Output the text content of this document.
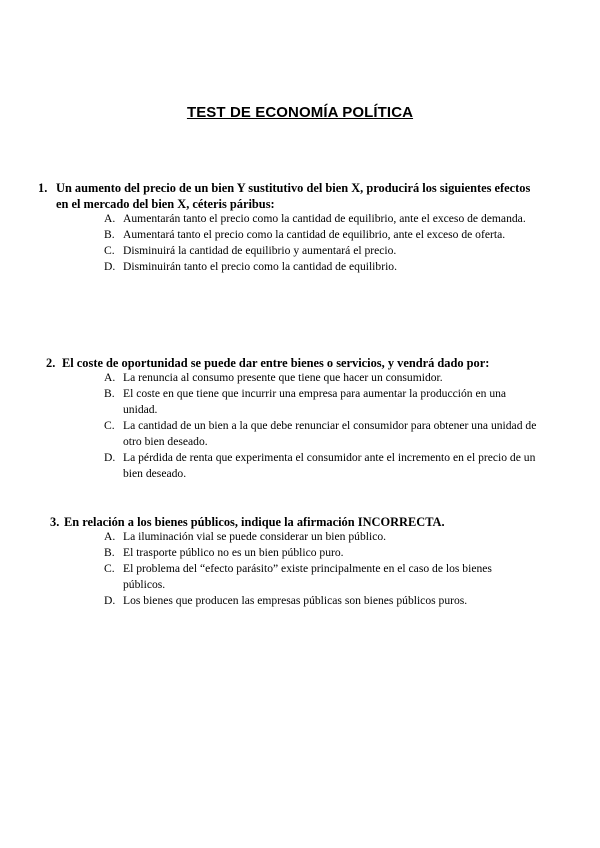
TEST DE ECONOMÍA POLÍTICA
1. Un aumento del precio de un bien Y sustitutivo del bien X, producirá los siguientes efectos en el mercado del bien X, céteris páribus:
A. Aumentarán tanto el precio como la cantidad de equilibrio, ante el exceso de demanda.
B. Aumentará tanto el precio como la cantidad de equilibrio, ante el exceso de oferta.
C. Disminuirá la cantidad de equilibrio y aumentará el precio.
D. Disminuirán tanto el precio como la cantidad de equilibrio.
2. El coste de oportunidad se puede dar entre bienes o servicios, y vendrá dado por:
A. La renuncia al consumo presente que tiene que hacer un consumidor.
B. El coste en que tiene que incurrir una empresa para aumentar la producción en una unidad.
C. La cantidad de un bien a la que debe renunciar el consumidor para obtener una unidad de otro bien deseado.
D. La pérdida de renta que experimenta el consumidor ante el incremento en el precio de un bien deseado.
3. En relación a los bienes públicos, indique la afirmación INCORRECTA.
A. La iluminación vial se puede considerar un bien público.
B. El trasporte público no es un bien público puro.
C. El problema del “efecto parásito” existe principalmente en el caso de los bienes públicos.
D. Los bienes que producen las empresas públicas son bienes públicos puros.
